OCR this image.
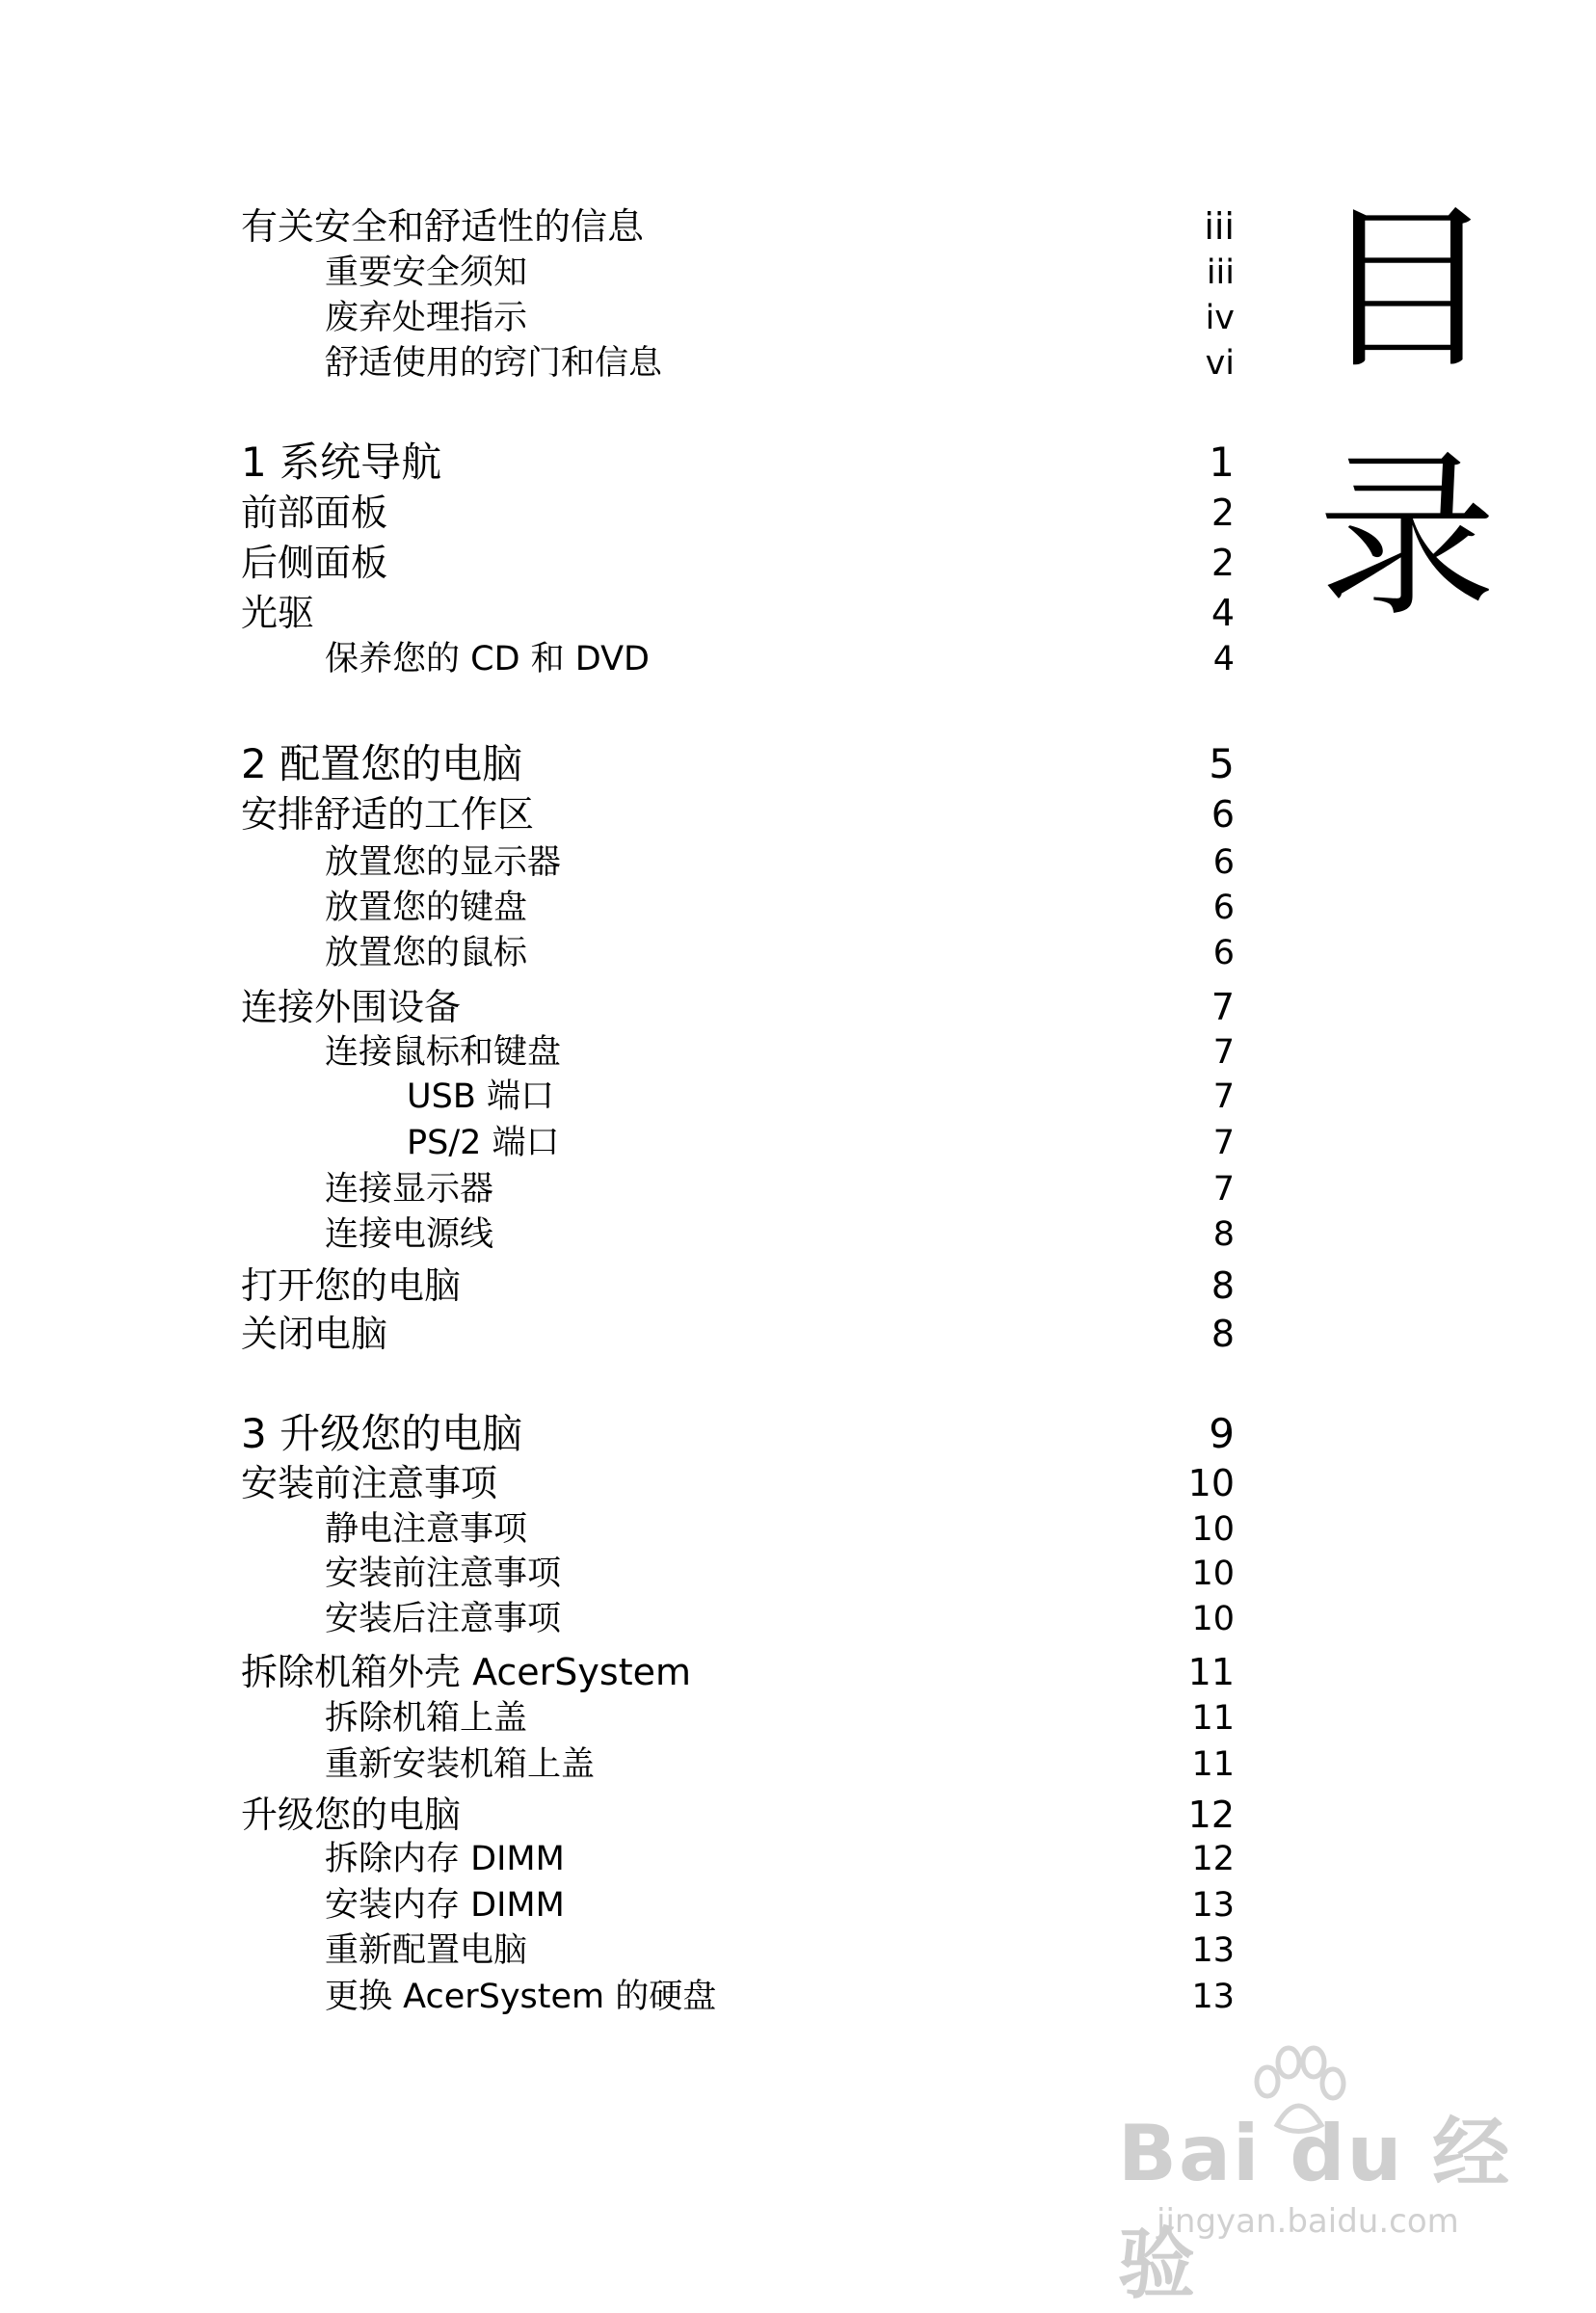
有关安全和舒适性的信息	iii
重要安全须知	iii
废弃处理指示	iv
舒适使用的窍门和信息	vi
1 系统导航	1
前部面板	2
后侧面板	2
光驱	4
保养您的 CD 和 DVD	4
2 配置您的电脑	5
安排舒适的工作区	6
放置您的显示器	6
放置您的键盘	6
放置您的鼠标	6
连接外围设备	7
连接鼠标和键盘	7
USB 端口	7
PS/2 端口	7
连接显示器	7
连接电源线	8
打开您的电脑	8
关闭电脑	8
3 升级您的电脑	9
安装前注意事项	10
静电注意事项	10
安装前注意事项	10
安装后注意事项	10
拆除机箱外壳 AcerSystem	11
拆除机箱上盖	11
重新安装机箱上盖	11
升级您的电脑	12
拆除内存 DIMM	12
安装内存 DIMM	13
重新配置电脑	13
更换 AcerSystem 的硬盘	13
目
录
Bai du 经验
jingyan.baidu.com
